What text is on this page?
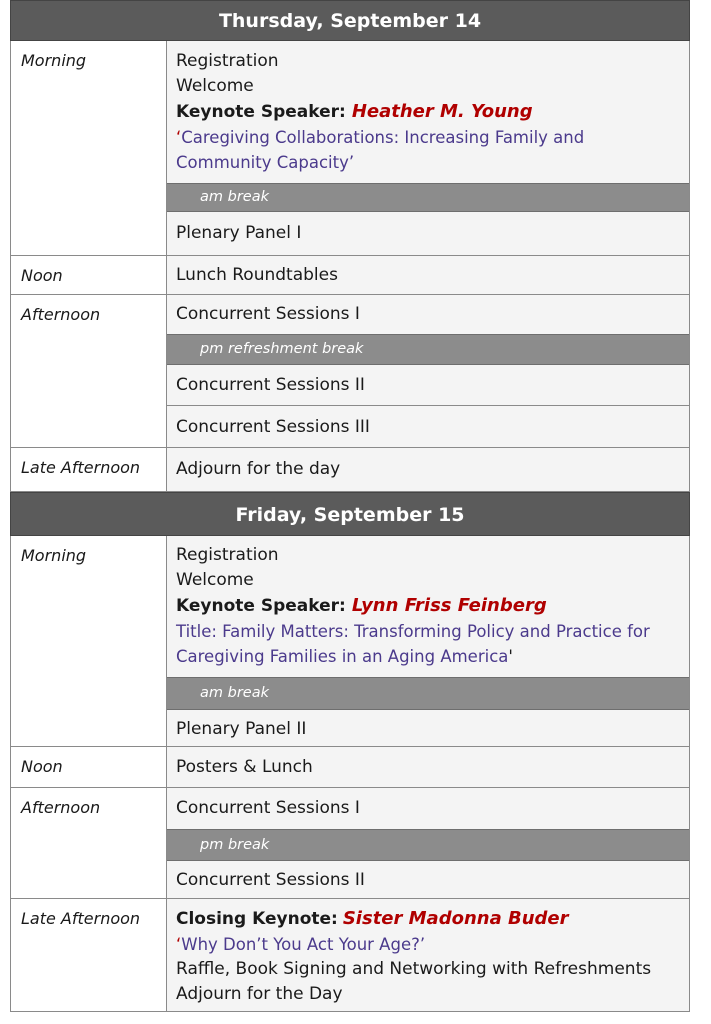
Thursday, September 14
Morning	Registration
Welcome
Keynote Speaker: Heather M. Young
‘Caregiving Collaborations: Increasing Family and
Community Capacity’
am break
Plenary Panel I
Noon	Lunch Roundtables
Afternoon	Concurrent Sessions I
pm refreshment break
Concurrent Sessions II
Concurrent Sessions III
Late Afternoon	Adjourn for the day
Friday, September 15
Morning	Registration
Welcome
Keynote Speaker: Lynn Friss Feinberg
Title: Family Matters: Transforming Policy and Practice for
Caregiving Families in an Aging America'
am break
Plenary Panel II
Noon	Posters & Lunch
Afternoon	Concurrent Sessions I
pm break
Concurrent Sessions II
Late Afternoon	Closing Keynote: Sister Madonna Buder
‘Why Don’t You Act Your Age?’
Raffle, Book Signing and Networking with Refreshments
Adjourn for the Day
